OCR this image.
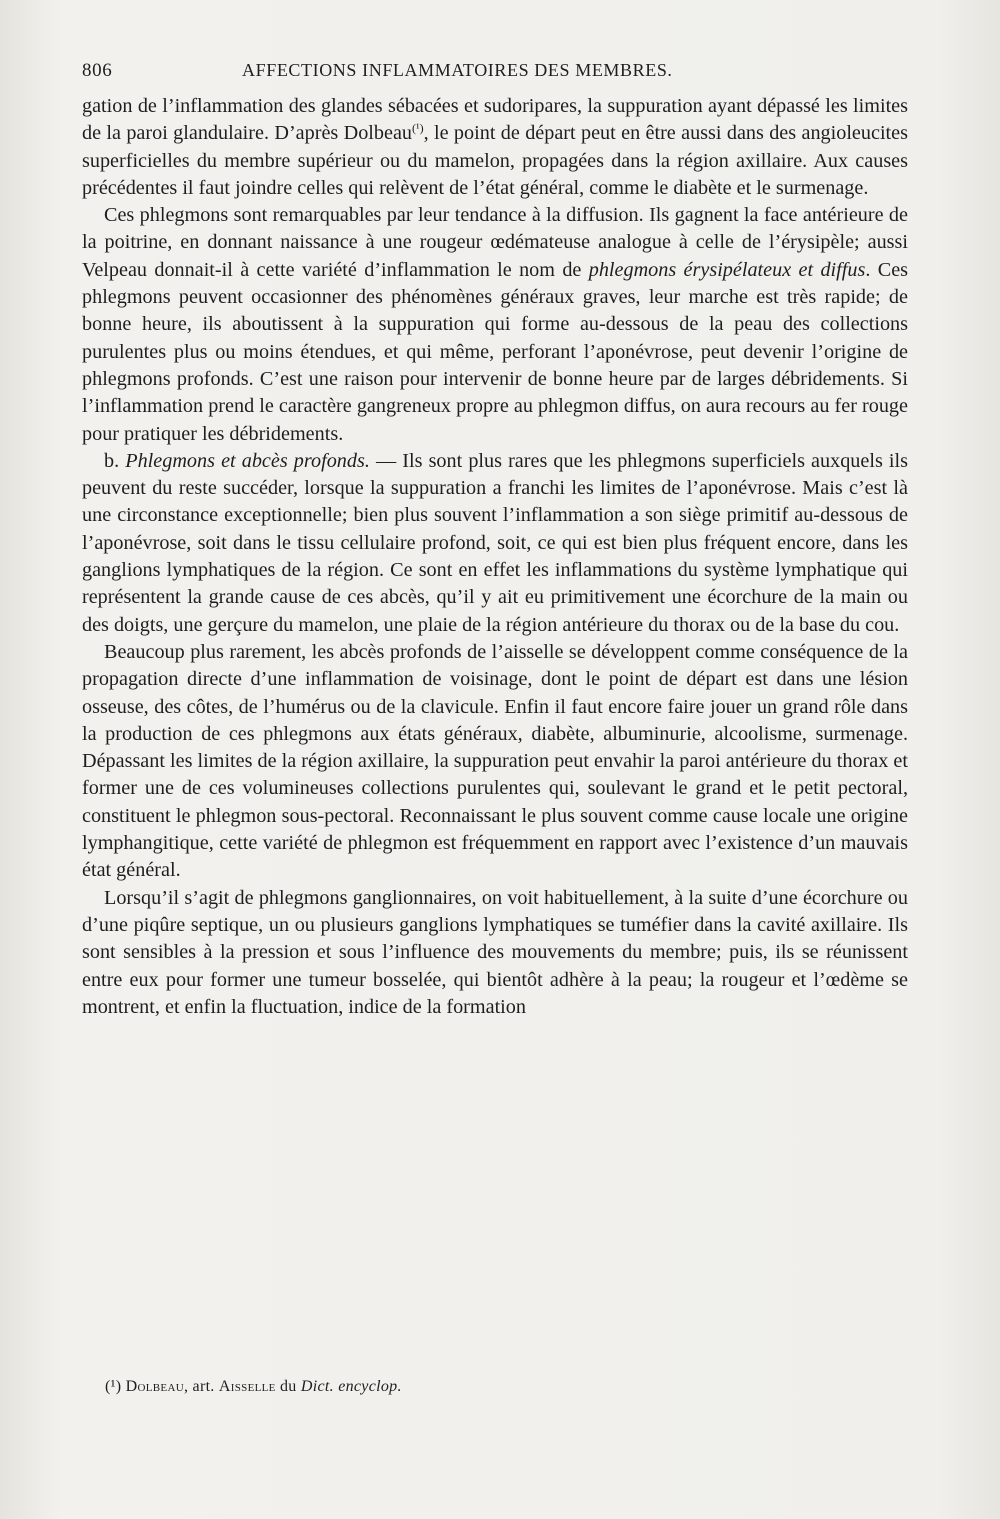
806	AFFECTIONS INFLAMMATOIRES DES MEMBRES.

gation de l’inflammation des glandes sébacées et sudoripares, la suppuration ayant dépassé les limites de la paroi glandulaire. D’après Dolbeau$^{(^1)}$, le point de départ peut en être aussi dans des angioleucites superficielles du membre supérieur ou du mamelon, propagées dans la région axillaire. Aux causes précédentes il faut joindre celles qui relèvent de l’état général, comme le diabète et le surmenage.

Ces phlegmons sont remarquables par leur tendance à la diffusion. Ils gagnent la face antérieure de la poitrine, en donnant naissance à une rougeur œdémateuse analogue à celle de l’érysipèle; aussi Velpeau donnait-il à cette variété d’inflammation le nom de phlegmons érysipélateux et diffus. Ces phlegmons peuvent occasionner des phénomènes généraux graves, leur marche est très rapide; de bonne heure, ils aboutissent à la suppuration qui forme au-dessous de la peau des collections purulentes plus ou moins étendues, et qui même, perforant l’aponévrose, peut devenir l’origine de phlegmons profonds. C’est une raison pour intervenir de bonne heure par de larges débridements. Si l’inflammation prend le caractère gangreneux propre au phlegmon diffus, on aura recours au fer rouge pour pratiquer les débridements.

b. Phlegmons et abcès profonds. — Ils sont plus rares que les phlegmons superficiels auxquels ils peuvent du reste succéder, lorsque la suppuration a franchi les limites de l’aponévrose. Mais c’est là une circonstance exceptionnelle; bien plus souvent l’inflammation a son siège primitif au-dessous de l’aponévrose, soit dans le tissu cellulaire profond, soit, ce qui est bien plus fréquent encore, dans les ganglions lymphatiques de la région. Ce sont en effet les inflammations du système lymphatique qui représentent la grande cause de ces abcès, qu’il y ait eu primitivement une écorchure de la main ou des doigts, une gerçure du mamelon, une plaie de la région antérieure du thorax ou de la base du cou.

Beaucoup plus rarement, les abcès profonds de l’aisselle se développent comme conséquence de la propagation directe d’une inflammation de voisinage, dont le point de départ est dans une lésion osseuse, des côtes, de l’humérus ou de la clavicule. Enfin il faut encore faire jouer un grand rôle dans la production de ces phlegmons aux états généraux, diabète, albuminurie, alcoolisme, surmenage. Dépassant les limites de la région axillaire, la suppuration peut envahir la paroi antérieure du thorax et former une de ces volumineuses collections purulentes qui, soulevant le grand et le petit pectoral, constituent le phlegmon sous-pectoral. Reconnaissant le plus souvent comme cause locale une origine lymphangitique, cette variété de phlegmon est fréquemment en rapport avec l’existence d’un mauvais état général.

Lorsqu’il s’agit de phlegmons ganglionnaires, on voit habituellement, à la suite d’une écorchure ou d’une piqûre septique, un ou plusieurs ganglions lymphatiques se tuméfier dans la cavité axillaire. Ils sont sensibles à la pression et sous l’influence des mouvements du membre; puis, ils se réunissent entre eux pour former une tumeur bosselée, qui bientôt adhère à la peau; la rougeur et l’œdème se montrent, et enfin la fluctuation, indice de la formation

(¹) Dolbeau, art. Aisselle du Dict. encyclop.
